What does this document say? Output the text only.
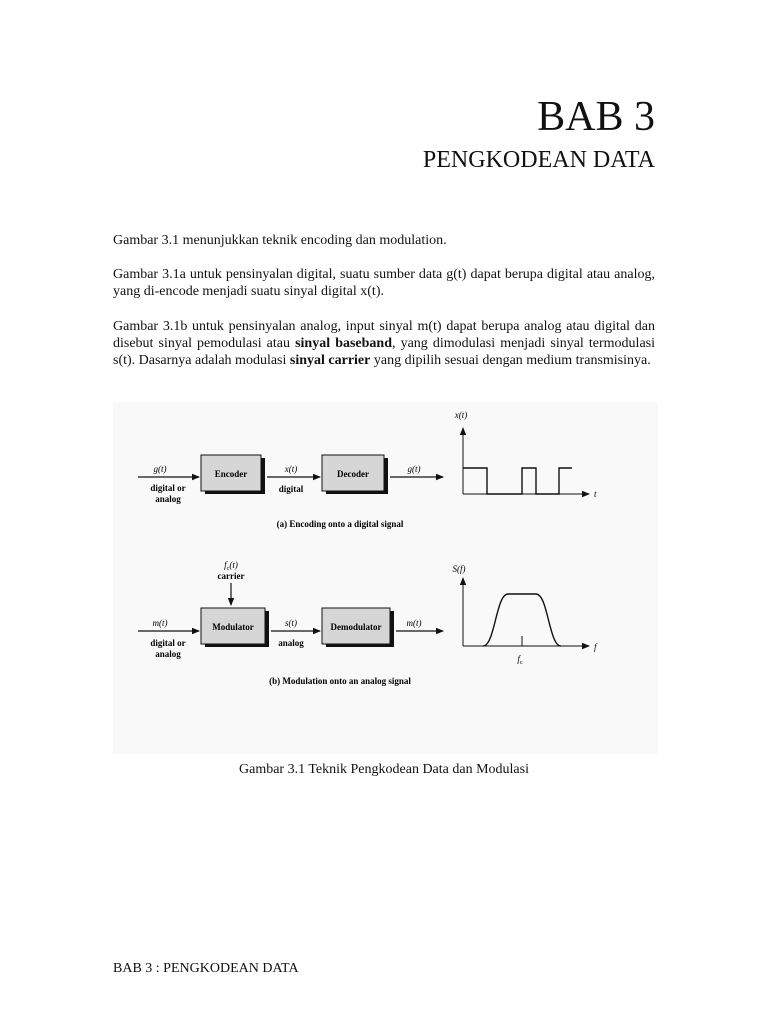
BAB 3
PENGKODEAN DATA

Gambar 3.1 menunjukkan teknik encoding dan modulation.

Gambar 3.1a untuk pensinyalan digital, suatu sumber data g(t) dapat berupa digital atau analog, yang di-encode menjadi suatu sinyal digital x(t).

Gambar 3.1b untuk pensinyalan analog, input sinyal m(t) dapat berupa analog atau digital dan disebut sinyal pemodulasi atau sinyal baseband, yang dimodulasi menjadi sinyal termodulasi s(t). Dasarnya adalah modulasi sinyal carrier yang dipilih sesuai dengan medium transmisinya.

g(t)
digital or
analog
Encoder	x(t)
digital
Decoder	g(t)
x(t)
t
(a) Encoding onto a digital signal
$f_c(t)$
carrier
m(t)
digital or
analog
Modulator	s(t)
analog
Demodulator	m(t)
S(f)
f
$f_c$
(b) Modulation onto an analog signal

Gambar 3.1 Teknik Pengkodean Data dan Modulasi

BAB 3 : PENGKODEAN DATA
